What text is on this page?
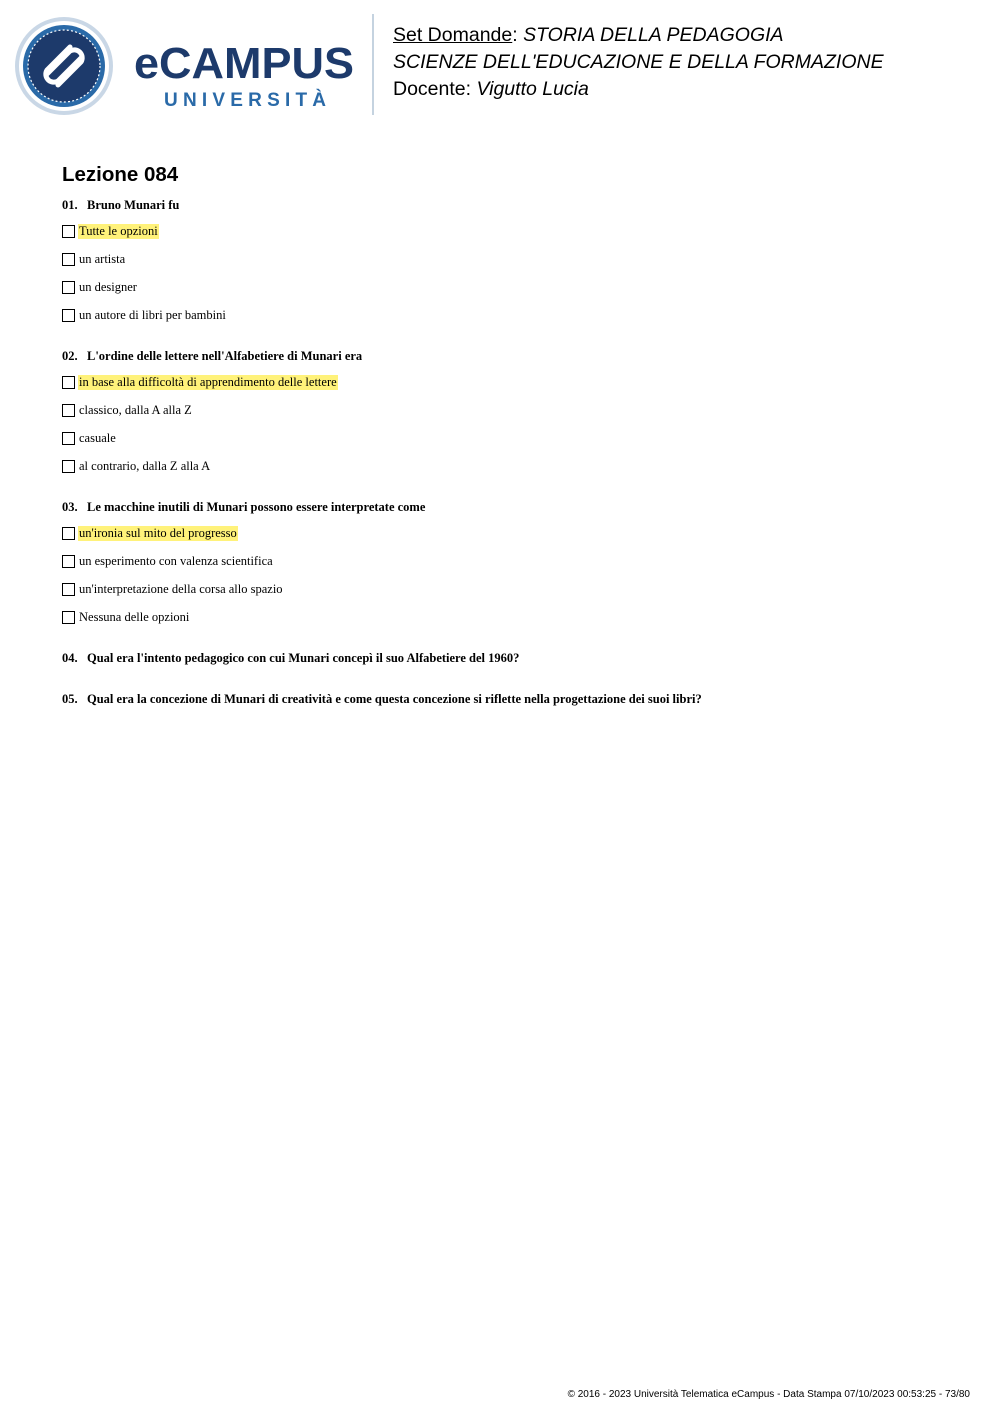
eCAMPUS
UNIVERSITÀ
Set Domande: STORIA DELLA PEDAGOGIA
SCIENZE DELL'EDUCAZIONE E DELLA FORMAZIONE
Docente: Vigutto Lucia
Lezione 084
01. Bruno Munari fu
Tutte le opzioni
un artista
un designer
un autore di libri per bambini
02. L'ordine delle lettere nell'Alfabetiere di Munari era
in base alla difficoltà di apprendimento delle lettere
classico, dalla A alla Z
casuale
al contrario, dalla Z alla A
03. Le macchine inutili di Munari possono essere interpretate come
un'ironia sul mito del progresso
un esperimento con valenza scientifica
un'interpretazione della corsa allo spazio
Nessuna delle opzioni
04. Qual era l'intento pedagogico con cui Munari concepì il suo Alfabetiere del 1960?
05. Qual era la concezione di Munari di creatività e come questa concezione si riflette nella progettazione dei suoi libri?
© 2016 - 2023 Università Telematica eCampus - Data Stampa 07/10/2023 00:53:25 - 73/80
